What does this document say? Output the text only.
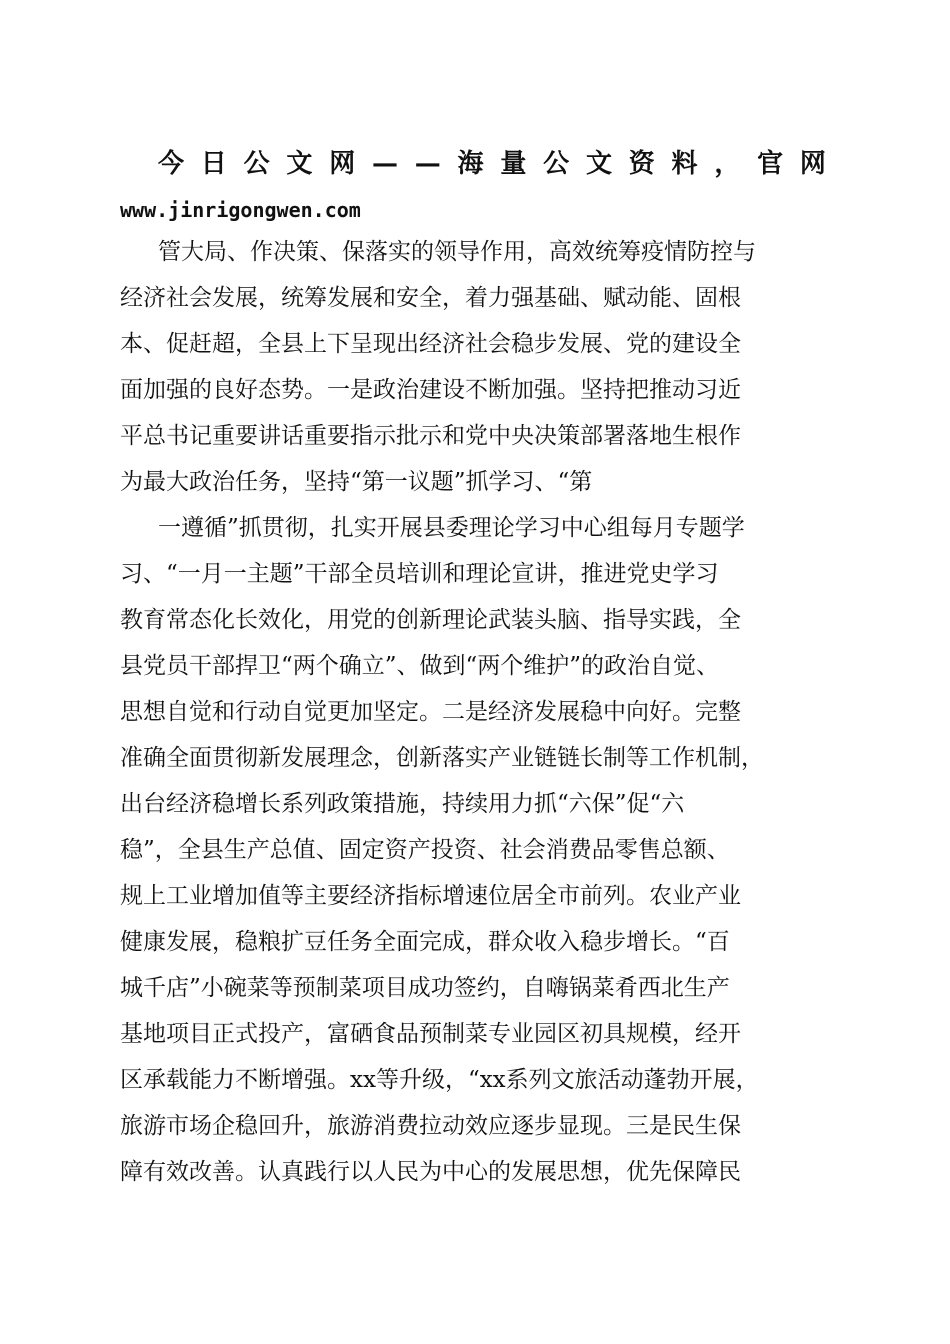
今 日 公 文 网 — — 海 量 公 文 资 料 ， 官 网

www.jinrigongwen.com

管大局、作决策、保落实的领导作用，高效统筹疫情防控与

经济社会发展，统筹发展和安全，着力强基础、赋动能、固根

本、促赶超，全县上下呈现出经济社会稳步发展、党的建设全

面加强的良好态势。一是政治建设不断加强。坚持把推动习近

平总书记重要讲话重要指示批示和党中央决策部署落地生根作

为最大政治任务，坚持“第一议题”抓学习、“第

一遵循”抓贯彻，扎实开展县委理论学习中心组每月专题学

习、“一月一主题”干部全员培训和理论宣讲，推进党史学习

教育常态化长效化，用党的创新理论武装头脑、指导实践，全

县党员干部捍卫“两个确立”、做到“两个维护”的政治自觉、

思想自觉和行动自觉更加坚定。二是经济发展稳中向好。完整

准确全面贯彻新发展理念，创新落实产业链链长制等工作机制，

出台经济稳增长系列政策措施，持续用力抓“六保”促“六

稳”，全县生产总值、固定资产投资、社会消费品零售总额、

规上工业增加值等主要经济指标增速位居全市前列。农业产业

健康发展，稳粮扩豆任务全面完成，群众收入稳步增长。“百

城千店”小碗菜等预制菜项目成功签约，自嗨锅菜肴西北生产

基地项目正式投产，富硒食品预制菜专业园区初具规模，经开

区承载能力不断增强。xx等升级，“xx系列文旅活动蓬勃开展，

旅游市场企稳回升，旅游消费拉动效应逐步显现。三是民生保

障有效改善。认真践行以人民为中心的发展思想，优先保障民
